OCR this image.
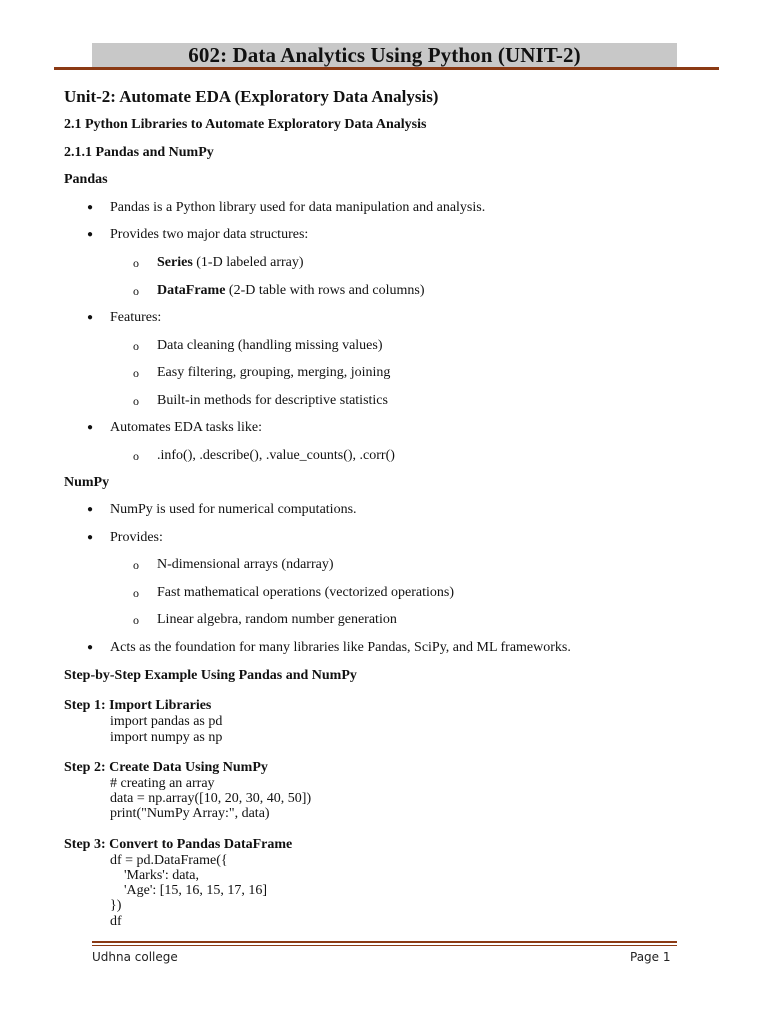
602: Data Analytics Using Python (UNIT-2)
Unit-2: Automate EDA (Exploratory Data Analysis)
2.1 Python Libraries to Automate Exploratory Data Analysis
2.1.1 Pandas and NumPy
Pandas
● Pandas is a Python library used for data manipulation and analysis.
● Provides two major data structures:
o Series (1-D labeled array)
o DataFrame (2-D table with rows and columns)
● Features:
o Data cleaning (handling missing values)
o Easy filtering, grouping, merging, joining
o Built-in methods for descriptive statistics
● Automates EDA tasks like:
o .info(), .describe(), .value_counts(), .corr()
NumPy
● NumPy is used for numerical computations.
● Provides:
o N-dimensional arrays (ndarray)
o Fast mathematical operations (vectorized operations)
o Linear algebra, random number generation
● Acts as the foundation for many libraries like Pandas, SciPy, and ML frameworks.
Step-by-Step Example Using Pandas and NumPy
Step 1: Import Libraries
import pandas as pd
import numpy as np
Step 2: Create Data Using NumPy
# creating an array
data = np.array([10, 20, 30, 40, 50])
print("NumPy Array:", data)
Step 3: Convert to Pandas DataFrame
df = pd.DataFrame({
'Marks': data,
'Age': [15, 16, 15, 17, 16]
})
df
Udhna college	Page 1
